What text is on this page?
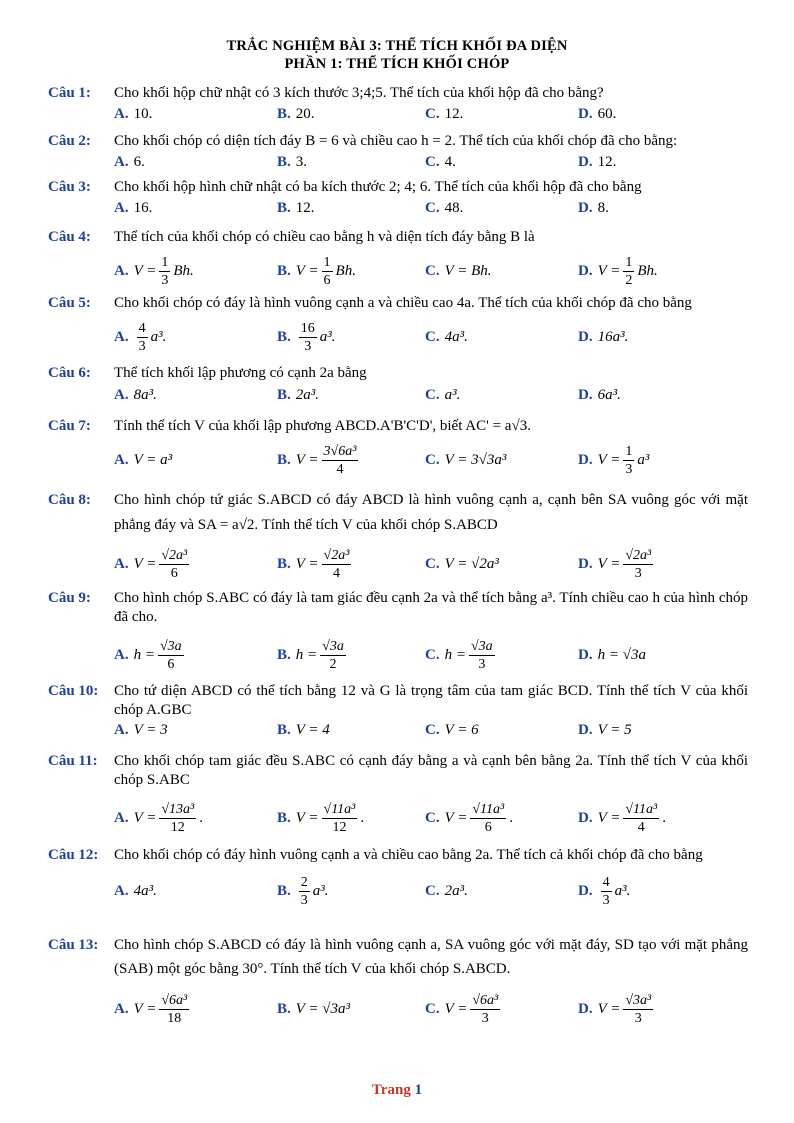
TRẮC NGHIỆM BÀI 3: THỂ TÍCH KHỐI ĐA DIỆN
PHẦN 1: THỂ TÍCH KHỐI CHÓP
Câu 1:	Cho khối hộp chữ nhật có 3 kích thước 3;4;5. Thể tích của khối hộp đã cho bằng?
A. 10.	B. 20.	C. 12.	D. 60.
Câu 2:	Cho khối chóp có diện tích đáy B = 6 và chiều cao h = 2. Thể tích của khối chóp đã cho bằng:
A. 6.	B. 3.	C. 4.	D. 12.
Câu 3:	Cho khối hộp hình chữ nhật có ba kích thước 2; 4; 6. Thể tích của khối hộp đã cho bằng
A. 16.	B. 12.	C. 48.	D. 8.
Câu 4:	Thể tích của khối chóp có chiều cao bằng h và diện tích đáy bằng B là
A. $V = \frac{1}{3} Bh$.	B. $V = \frac{1}{6} Bh$.	C. V = Bh.	D. $V = \frac{1}{2} Bh$.
Câu 5:	Cho khối chóp có đáy là hình vuông cạnh a và chiều cao 4a. Thể tích của khối chóp đã cho bằng
A. $\frac{4}{3} a^3$.	B. $\frac{16}{3} a^3$.	C. 4a³.	D. 16a³.
Câu 6:	Thể tích khối lập phương có cạnh 2a bằng
A. 8a³.	B. 2a³.	C. a³.	D. 6a³.
Câu 7:	Tính thể tích V của khối lập phương ABCD.A'B'C'D', biết AC' = a√3.
A. V = a³	B. $V = \frac{\text{3√6a³}}{4}$	C. V = 3√3a³	D. $V = \frac{1}{3} a^3$
Câu 8:	Cho hình chóp tứ giác S.ABCD có đáy ABCD là hình vuông cạnh a, cạnh bên SA vuông góc với mặt phẳng đáy và SA = a√2. Tính thể tích V của khối chóp S.ABCD
A. $V = \frac{\text{√2a³}}{6}$	B. $V = \frac{\text{√2a³}}{4}$	C. V = √2a³	D. $V = \frac{\text{√2a³}}{3}$
Câu 9:	Cho hình chóp S.ABC có đáy là tam giác đều cạnh 2a và thể tích bằng a³. Tính chiều cao h của hình chóp đã cho.
A. $h = \frac{√3a}{6}$	B. $h = \frac{√3a}{2}$	C. $h = \frac{√3a}{3}$	D. h = √3a
Câu 10:	Cho tứ diện ABCD có thể tích bằng 12 và G là trọng tâm của tam giác BCD. Tính thể tích V của khối chóp A.GBC
A. V = 3	B. V = 4	C. V = 6	D. V = 5
Câu 11:	Cho khối chóp tam giác đều S.ABC có cạnh đáy bằng a và cạnh bên bằng 2a. Tính thể tích V của khối chóp S.ABC
A. $V = \frac{\text{√13a³}}{12}$ .	B. $V = \frac{\text{√11a³}}{12}$ .	C. $V = \frac{\text{√11a³}}{6}$ .	D. $V = \frac{\text{√11a³}}{4}$ .
Câu 12:	Cho khối chóp có đáy hình vuông cạnh a và chiều cao bằng 2a. Thể tích cả khối chóp đã cho bằng
A. 4a³.	B. $\frac{2}{3} a^3$.	C. 2a³.	D. $\frac{4}{3} a^3$.
Câu 13:	Cho hình chóp S.ABCD có đáy là hình vuông cạnh a, SA vuông góc với mặt đáy, SD tạo với mặt phẳng (SAB) một góc bằng 30°. Tính thể tích V của khối chóp S.ABCD.
A. $V = \frac{\text{√6a³}}{18}$	B. V = √3a³	C. $V = \frac{\text{√6a³}}{3}$	D. $V = \frac{\text{√3a³}}{3}$
Trang 1
